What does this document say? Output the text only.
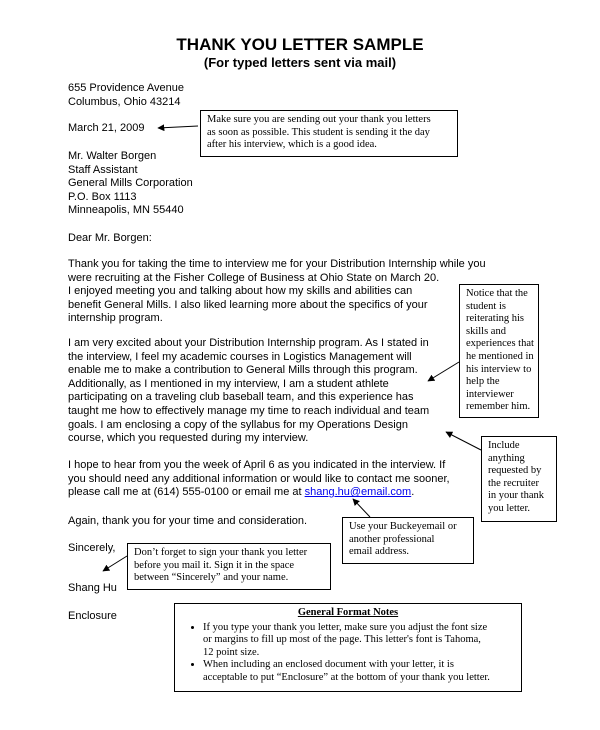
THANK YOU LETTER SAMPLE
(For typed letters sent via mail)
655 Providence Avenue
Columbus, Ohio 43214
March 21, 2009
Mr. Walter Borgen
Staff Assistant
General Mills Corporation
P.O. Box 1113
Minneapolis, MN 55440
Dear Mr. Borgen:
Thank you for taking the time to interview me for your Distribution Internship while you
were recruiting at the Fisher College of Business at Ohio State on March 20.
I enjoyed meeting you and talking about how my skills and abilities can
benefit General Mills. I also liked learning more about the specifics of your
internship program.
I am very excited about your Distribution Internship program. As I stated in
the interview, I feel my academic courses in Logistics Management will
enable me to make a contribution to General Mills through this program.
Additionally, as I mentioned in my interview, I am a student athlete
participating on a traveling club baseball team, and this experience has
taught me how to effectively manage my time to reach individual and team
goals. I am enclosing a copy of the syllabus for my Operations Design
course, which you requested during my interview.
I hope to hear from you the week of April 6 as you indicated in the interview. If
you should need any additional information or would like to contact me sooner,
please call me at (614) 555-0100 or email me at shang.hu@email.com.
Again, thank you for your time and consideration.
Sincerely,
Shang Hu
Enclosure
Make sure you are sending out your thank you letters
as soon as possible. This student is sending it the day
after his interview, which is a good idea.
Notice that the
student is
reiterating his
skills and
experiences that
he mentioned in
his interview to
help the
interviewer
remember him.
Include
anything
requested by
the recruiter
in your thank
you letter.
Use your Buckeyemail or
another professional
email address.
Don’t forget to sign your thank you letter
before you mail it. Sign it in the space
between “Sincerely” and your name.
General Format Notes
• If you type your thank you letter, make sure you adjust the font size
or margins to fill up most of the page. This letter's font is Tahoma,
12 point size.
• When including an enclosed document with your letter, it is
acceptable to put “Enclosure” at the bottom of your thank you letter.
